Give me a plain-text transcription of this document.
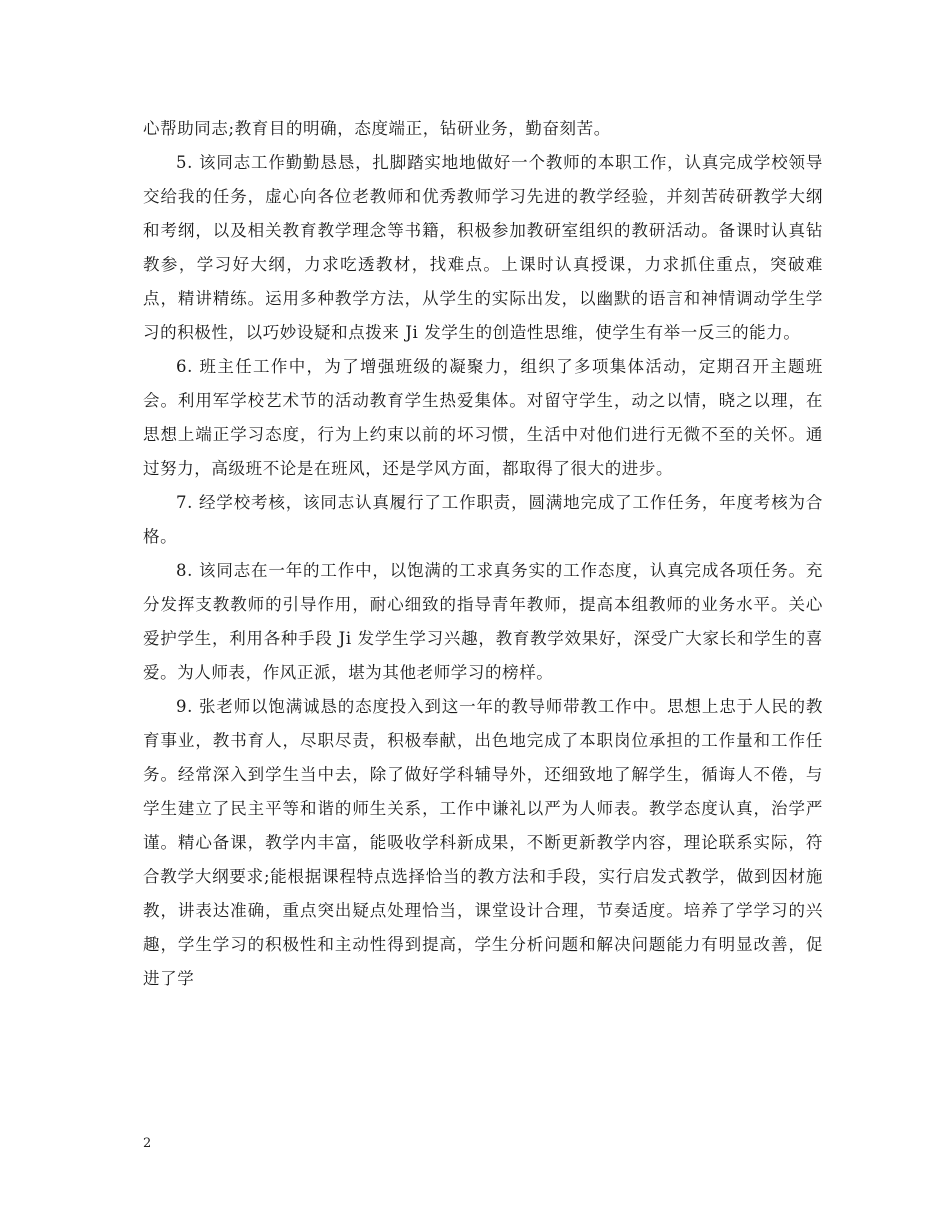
心帮助同志;教育目的明确，态度端正，钻研业务，勤奋刻苦。

5. 该同志工作勤勤恳恳，扎脚踏实地地做好一个教师的本职工作，认真完成学校领导交给我的任务，虚心向各位老教师和优秀教师学习先进的教学经验，并刻苦砖研教学大纲和考纲，以及相关教育教学理念等书籍，积极参加教研室组织的教研活动。备课时认真钻教参，学习好大纲，力求吃透教材，找难点。上课时认真授课，力求抓住重点，突破难点，精讲精练。运用多种教学方法，从学生的实际出发，以幽默的语言和神情调动学生学习的积极性，以巧妙设疑和点拨来 Ji 发学生的创造性思维，使学生有举一反三的能力。

6. 班主任工作中，为了增强班级的凝聚力，组织了多项集体活动，定期召开主题班会。利用军学校艺术节的活动教育学生热爱集体。对留守学生，动之以情，晓之以理，在思想上端正学习态度，行为上约束以前的坏习惯，生活中对他们进行无微不至的关怀。通过努力，高级班不论是在班风，还是学风方面，都取得了很大的进步。

7. 经学校考核，该同志认真履行了工作职责，圆满地完成了工作任务，年度考核为合格。

8. 该同志在一年的工作中，以饱满的工求真务实的工作态度，认真完成各项任务。充分发挥支教教师的引导作用，耐心细致的指导青年教师，提高本组教师的业务水平。关心爱护学生，利用各种手段 Ji 发学生学习兴趣，教育教学效果好，深受广大家长和学生的喜爱。为人师表，作风正派，堪为其他老师学习的榜样。

9. 张老师以饱满诚恳的态度投入到这一年的教导师带教工作中。思想上忠于人民的教育事业，教书育人，尽职尽责，积极奉献，出色地完成了本职岗位承担的工作量和工作任务。经常深入到学生当中去，除了做好学科辅导外，还细致地了解学生，循诲人不倦，与学生建立了民主平等和谐的师生关系，工作中谦礼以严为人师表。教学态度认真，治学严谨。精心备课，教学内丰富，能吸收学科新成果，不断更新教学内容，理论联系实际，符合教学大纲要求;能根据课程特点选择恰当的教方法和手段，实行启发式教学，做到因材施教，讲表达准确，重点突出疑点处理恰当，课堂设计合理，节奏适度。培养了学学习的兴趣，学生学习的积极性和主动性得到提高，学生分析问题和解决问题能力有明显改善，促进了学

2
